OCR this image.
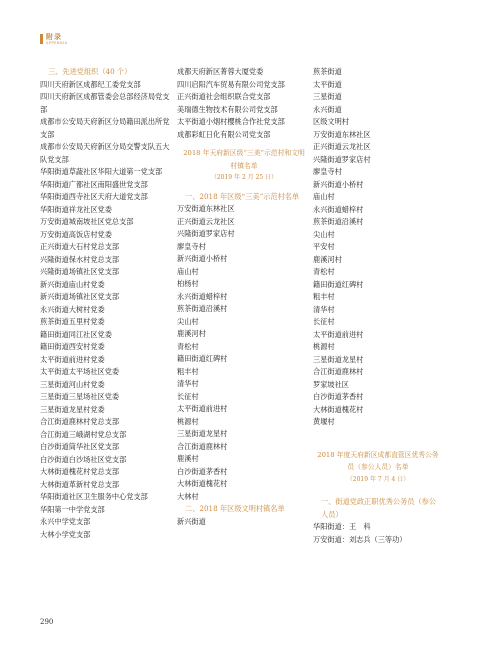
附录
APPENDIX
三、先进党组织（40 个）
四川天府新区成都纪工委党支部
四川天府新区成都管委会总部经济局党支部
成都市公安局天府新区分局籍田派出所党支部
成都市公安局天府新区分局交警支队五大队党支部
华阳街道草蔬社区华阳大道第一党支部
华阳街道广都社区南阳盛世党支部
华阳街道西寺社区天府大道党支部
华阳街道祥龙社区党委
万安街道城南坡社区党总支部
万安街道高饭店村党委
正兴街道大石村党总支部
兴隆街道保水村党总支部
兴隆街道场镇社区党支部
新兴街道庙山村党委
新兴街道场镇社区党支部
永兴街道大树村党委
煎茶街道五里村党委
籍田街道同江社区党委
籍田街道西安村党委
太平街道前进村党委
太平街道太平场社区党委
三星街道河山村党委
三星街道三星场社区党委
三星街道龙星村党委
合江街道鹿林村党总支部
合江街道三峨湖村党总支部
白沙街道筒华社区党支部
白沙街道白沙场社区党支部
大林街道槐花村党总支部
大林街道革新村党总支部
华阳街道社区卫生服务中心党支部
华阳第一中学党支部
永兴中学党支部
大林小学党支部
成都天府新区菁蓉大厦党委
四川启阳汽车贸易有限公司党支部
正兴街道社会组织联合党支部
美瑞德生物技术有限公司党支部
太平街道小烟村樱桃合作社党支部
成都彩虹日化有限公司党支部
2018 年天府新区级“三美”示范村和文明村镇名单
（2019 年 2 月 25 日）
一、2018 年区级“三美”示范村名单
万安街道东林社区
正兴街道云龙社区
兴隆街道罗家店村
廖皇寺村
新兴街道小桥村
庙山村
柏杨村
永兴街道蜡梓村
煎茶街道沿溪村
尖山村
鹿溪河村
青松村
籍田街道红碑村
粗丰村
清华村
长征村
太平街道前进村
桃源村
三星街道龙星村
合江街道鹿林村
鹿溪村
白沙街道茅香村
大林街道槐花村
大林村
二、2018 年区级文明村镇名单
新兴街道
煎茶街道
太平街道
三星街道
永兴街道
区级文明村
万安街道东林社区
正兴街道云龙社区
兴隆街道罗家店村
廖皇寺村
新兴街道小桥村
庙山村
永兴街道蜡梓村
煎茶街道沿溪村
尖山村
平安村
鹿溪河村
青松村
籍田街道红碑村
粗丰村
清华村
长征村
太平街道前进村
桃源村
三星街道龙星村
合江街道鹿林村
罗家坡社区
白沙街道茅香村
大林街道槐花村
黄堰村
2018 年度天府新区成都直管区优秀公务员（参公人员）名单
（2019 年 7 月 4 日）
一、街道党政正职优秀公务员（参公人员）
华阳街道：王　科
万安街道：刘志兵（三等功）
290
